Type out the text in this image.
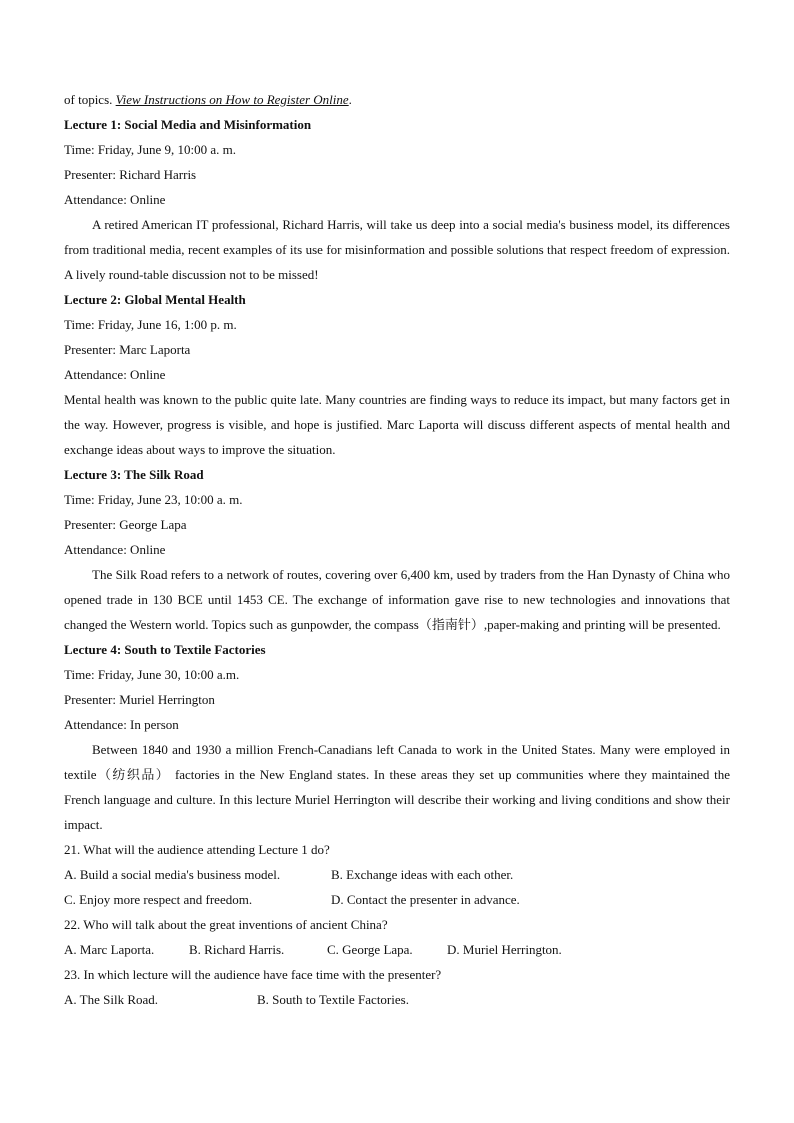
of topics. View Instructions on How to Register Online.
Lecture 1: Social Media and Misinformation
Time: Friday, June 9, 10:00 a. m.
Presenter: Richard Harris
Attendance: Online
A retired American IT professional, Richard Harris, will take us deep into a social media's business model, its differences from traditional media, recent examples of its use for misinformation and possible solutions that respect freedom of expression. A lively round-table discussion not to be missed!
Lecture 2: Global Mental Health
Time: Friday, June 16, 1:00 p. m.
Presenter: Marc Laporta
Attendance: Online
Mental health was known to the public quite late. Many countries are finding ways to reduce its impact, but many factors get in the way. However, progress is visible, and hope is justified. Marc Laporta will discuss different aspects of mental health and exchange ideas about ways to improve the situation.
Lecture 3: The Silk Road
Time: Friday, June 23, 10:00 a. m.
Presenter: George Lapa
Attendance: Online
The Silk Road refers to a network of routes, covering over 6,400 km, used by traders from the Han Dynasty of China who opened trade in 130 BCE until 1453 CE. The exchange of information gave rise to new technologies and innovations that changed the Western world. Topics such as gunpowder, the compass（指南针）,paper-making and printing will be presented.
Lecture 4: South to Textile Factories
Time: Friday, June 30, 10:00 a.m.
Presenter: Muriel Herrington
Attendance: In person
Between 1840 and 1930 a million French-Canadians left Canada to work in the United States. Many were employed in textile（纺织品） factories in the New England states. In these areas they set up communities where they maintained the French language and culture. In this lecture Muriel Herrington will describe their working and living conditions and show their impact.
21. What will the audience attending Lecture 1 do?
A. Build a social media's business model.	B. Exchange ideas with each other.
C. Enjoy more respect and freedom.	D. Contact the presenter in advance.
22. Who will talk about the great inventions of ancient China?
A. Marc Laporta.	B. Richard Harris.	C. George Lapa.	D. Muriel Herrington.
23. In which lecture will the audience have face time with the presenter?
A. The Silk Road.	B. South to Textile Factories.
